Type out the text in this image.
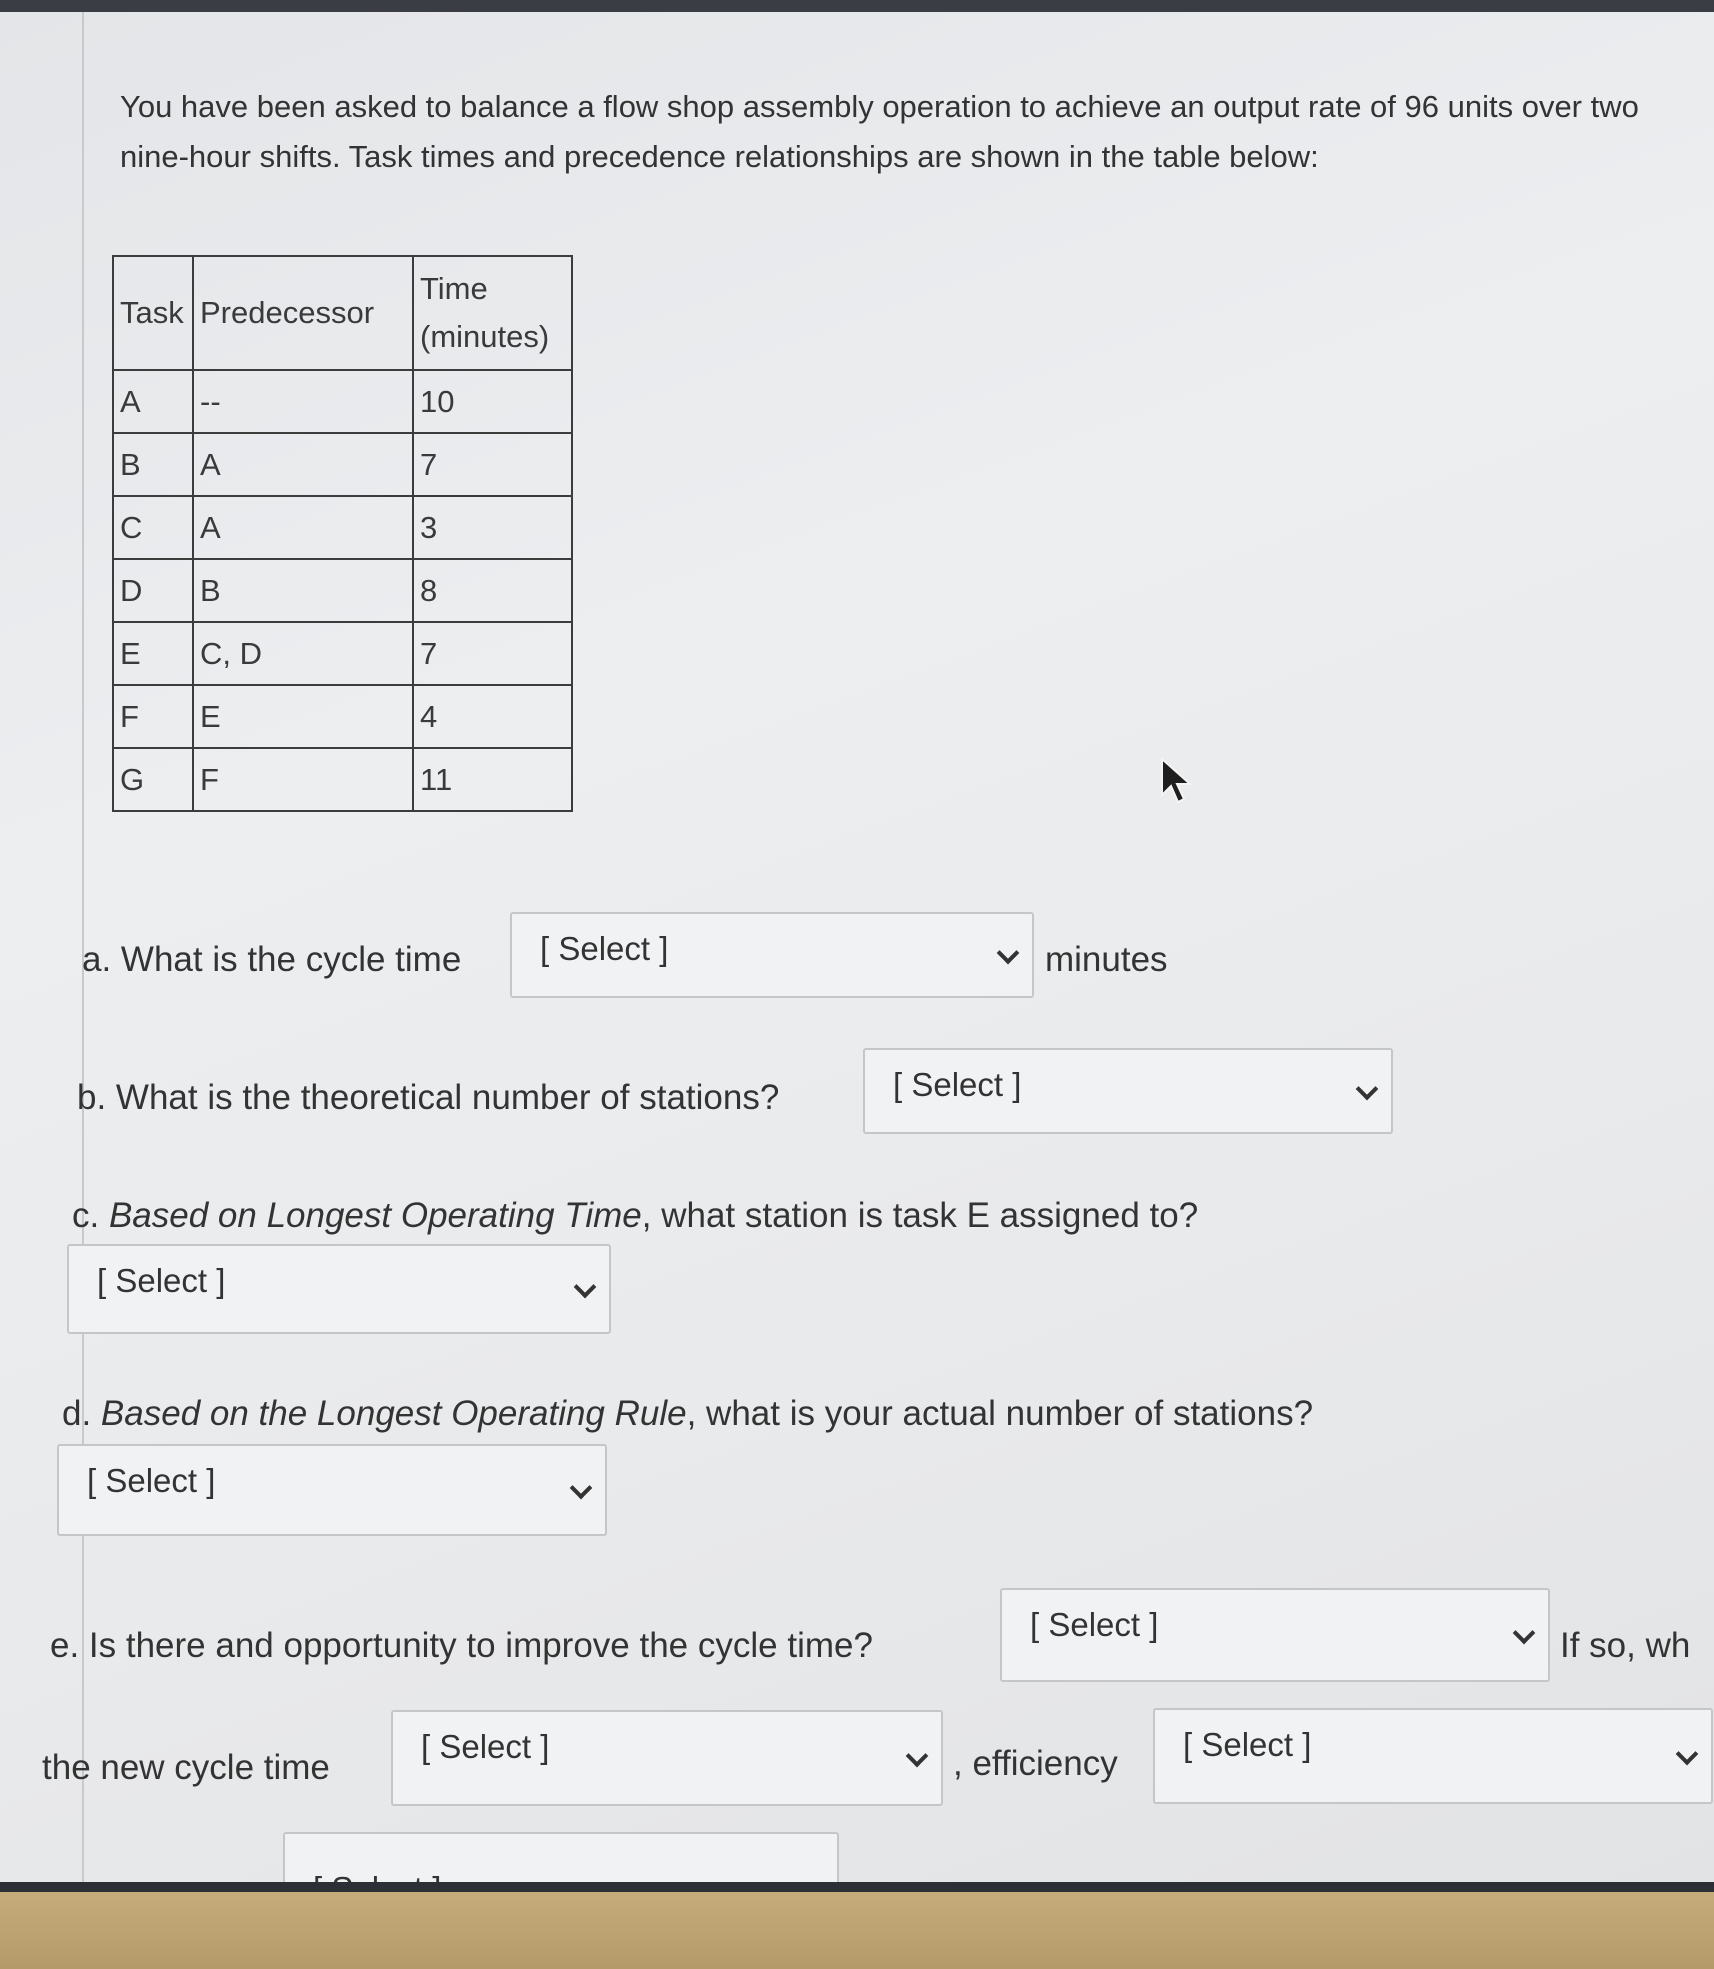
You have been asked to balance a flow shop assembly operation to achieve an output rate of 96 units over two nine-hour shifts. Task times and precedence relationships are shown in the table below:

Task	Predecessor	Time (minutes)
A	--	10
B	A	7
C	A	3
D	B	8
E	C, D	7
F	E	4
G	F	11
a. What is the cycle time [ Select ]	minutes
b. What is the theoretical number of stations?	[ Select ]
c. Based on Longest Operating Time, what station is task E assigned to?
[ Select ]
d. Based on the Longest Operating Rule, what is your actual number of stations?
[ Select ]
e. Is there and opportunity to improve the cycle time?
[ Select ]
If so, wh
the new cycle time
[ Select ]	, efficiency [ Select ]
